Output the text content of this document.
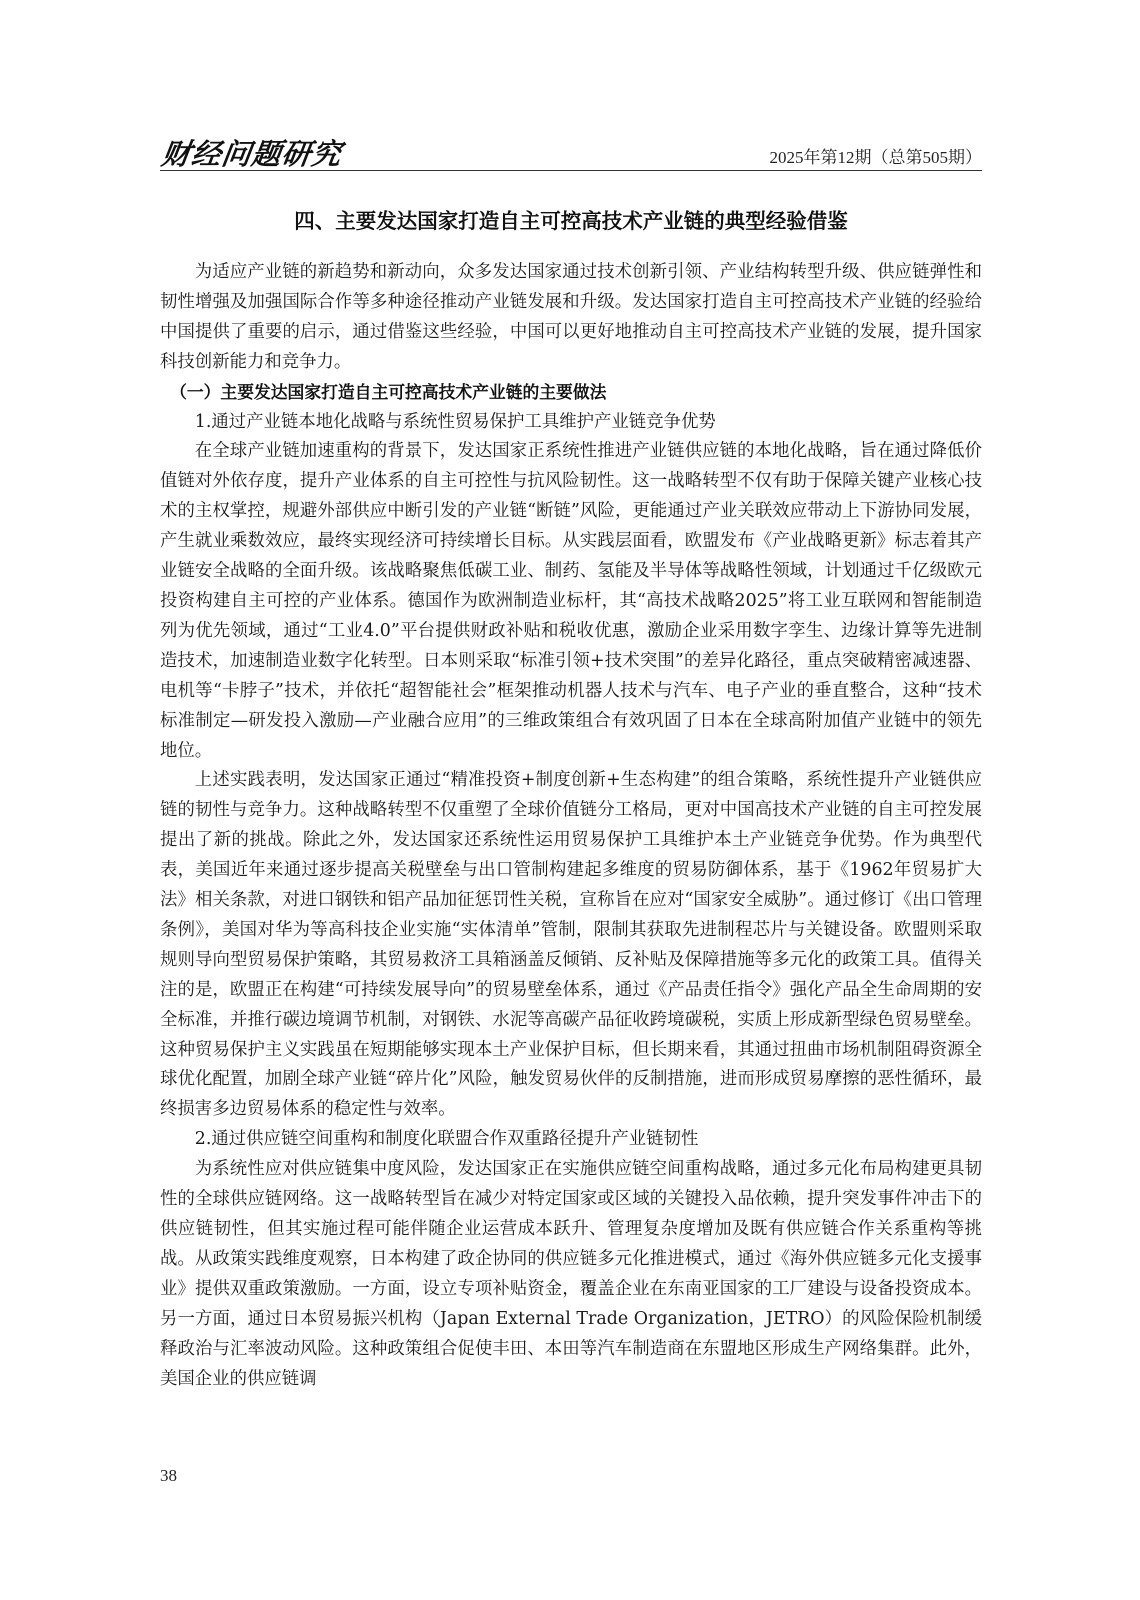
财经问题研究	2025年第12期（总第505期）
四、主要发达国家打造自主可控高技术产业链的典型经验借鉴

为适应产业链的新趋势和新动向，众多发达国家通过技术创新引领、产业结构转型升级、供应链弹性和韧性增强及加强国际合作等多种途径推动产业链发展和升级。发达国家打造自主可控高技术产业链的经验给中国提供了重要的启示，通过借鉴这些经验，中国可以更好地推动自主可控高技术产业链的发展，提升国家科技创新能力和竞争力。

（一）主要发达国家打造自主可控高技术产业链的主要做法

1.通过产业链本地化战略与系统性贸易保护工具维护产业链竞争优势

在全球产业链加速重构的背景下，发达国家正系统性推进产业链供应链的本地化战略，旨在通过降低价值链对外依存度，提升产业体系的自主可控性与抗风险韧性。这一战略转型不仅有助于保障关键产业核心技术的主权掌控，规避外部供应中断引发的产业链“断链”风险，更能通过产业关联效应带动上下游协同发展，产生就业乘数效应，最终实现经济可持续增长目标。从实践层面看，欧盟发布《产业战略更新》标志着其产业链安全战略的全面升级。该战略聚焦低碳工业、制药、氢能及半导体等战略性领域，计划通过千亿级欧元投资构建自主可控的产业体系。德国作为欧洲制造业标杆，其“高技术战略2025”将工业互联网和智能制造列为优先领域，通过“工业4.0”平台提供财政补贴和税收优惠，激励企业采用数字孪生、边缘计算等先进制造技术，加速制造业数字化转型。日本则采取“标准引领+技术突围”的差异化路径，重点突破精密减速器、电机等“卡脖子”技术，并依托“超智能社会”框架推动机器人技术与汽车、电子产业的垂直整合，这种“技术标准制定—研发投入激励—产业融合应用”的三维政策组合有效巩固了日本在全球高附加值产业链中的领先地位。

上述实践表明，发达国家正通过“精准投资+制度创新+生态构建”的组合策略，系统性提升产业链供应链的韧性与竞争力。这种战略转型不仅重塑了全球价值链分工格局，更对中国高技术产业链的自主可控发展提出了新的挑战。除此之外，发达国家还系统性运用贸易保护工具维护本土产业链竞争优势。作为典型代表，美国近年来通过逐步提高关税壁垒与出口管制构建起多维度的贸易防御体系，基于《1962年贸易扩大法》相关条款，对进口钢铁和铝产品加征惩罚性关税，宣称旨在应对“国家安全威胁”。通过修订《出口管理条例》，美国对华为等高科技企业实施“实体清单”管制，限制其获取先进制程芯片与关键设备。欧盟则采取规则导向型贸易保护策略，其贸易救济工具箱涵盖反倾销、反补贴及保障措施等多元化的政策工具。值得关注的是，欧盟正在构建“可持续发展导向”的贸易壁垒体系，通过《产品责任指令》强化产品全生命周期的安全标准，并推行碳边境调节机制，对钢铁、水泥等高碳产品征收跨境碳税，实质上形成新型绿色贸易壁垒。这种贸易保护主义实践虽在短期能够实现本土产业保护目标，但长期来看，其通过扭曲市场机制阻碍资源全球优化配置，加剧全球产业链“碎片化”风险，触发贸易伙伴的反制措施，进而形成贸易摩擦的恶性循环，最终损害多边贸易体系的稳定性与效率。

2.通过供应链空间重构和制度化联盟合作双重路径提升产业链韧性

为系统性应对供应链集中度风险，发达国家正在实施供应链空间重构战略，通过多元化布局构建更具韧性的全球供应链网络。这一战略转型旨在减少对特定国家或区域的关键投入品依赖，提升突发事件冲击下的供应链韧性，但其实施过程可能伴随企业运营成本跃升、管理复杂度增加及既有供应链合作关系重构等挑战。从政策实践维度观察，日本构建了政企协同的供应链多元化推进模式，通过《海外供应链多元化支援事业》提供双重政策激励。一方面，设立专项补贴资金，覆盖企业在东南亚国家的工厂建设与设备投资成本。另一方面，通过日本贸易振兴机构（Japan External Trade Organization，JETRO）的风险保险机制缓释政治与汇率波动风险。这种政策组合促使丰田、本田等汽车制造商在东盟地区形成生产网络集群。此外，美国企业的供应链调

38
